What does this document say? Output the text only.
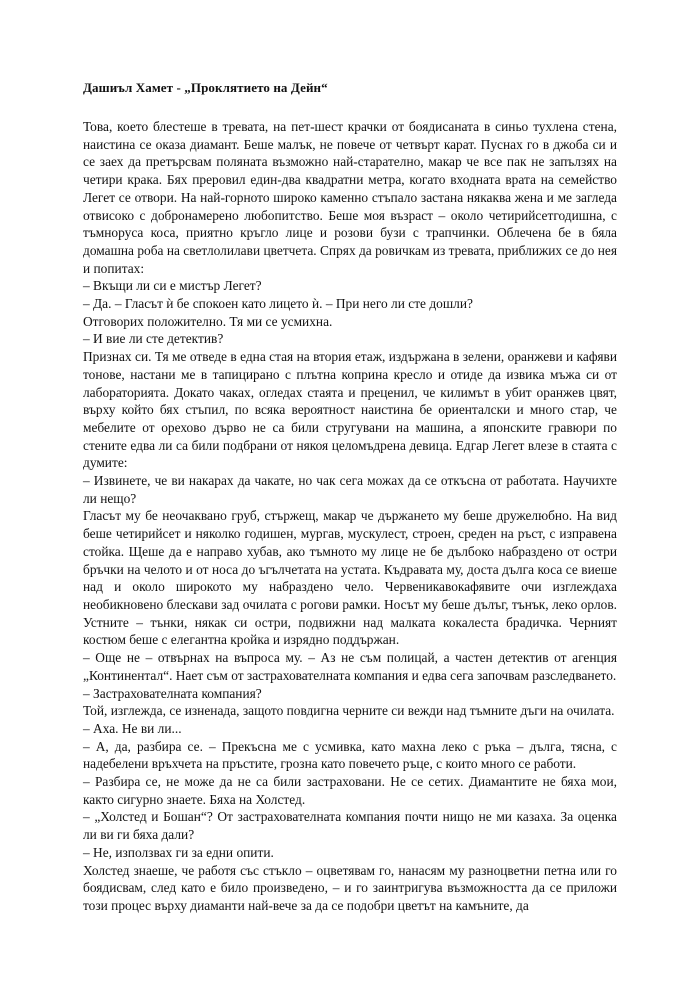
Дашиъл Хамет - „Проклятието на Дейн“

Това, което блестеше в тревата, на пет-шест крачки от боядисаната в синьо тухлена стена, наистина се оказа диамант. Беше малък, не повече от четвърт карат. Пуснах го в джоба си и се заех да претърсвам поляната възможно най-старателно, макар че все пак не запълзях на четири крака. Бях преровил един-два квадратни метра, когато входната врата на семейство Легет се отвори. На най-горното широко каменно стъпало застана някаква жена и ме загледа отвисоко с добронамерено любопитство. Беше моя възраст – около четирийсетгодишна, с тъмноруса коса, приятно кръгло лице и розови бузи с трапчинки. Облечена бе в бяла домашна роба на светлолилави цветчета. Спрях да ровичкам из тревата, приближих се до нея и попитах:

– Вкъщи ли си е мистър Легет?

– Да. – Гласът ѝ бе спокоен като лицето ѝ. – При него ли сте дошли?

Отговорих положително. Тя ми се усмихна.

– И вие ли сте детектив?

Признах си. Тя ме отведе в една стая на втория етаж, издържана в зелени, оранжеви и кафяви тонове, настани ме в тапицирано с плътна коприна кресло и отиде да извика мъжа си от лабораторията. Докато чаках, огледах стаята и преценил, че килимът в убит оранжев цвят, върху който бях стъпил, по всяка вероятност наистина бе ориенталски и много стар, че мебелите от орехово дърво не са били стругувани на машина, а японските гравюри по стените едва ли са били подбрани от някоя целомъдрена девица. Едгар Легет влезе в стаята с думите:

– Извинете, че ви накарах да чакате, но чак сега можах да се откъсна от работата. Научихте ли нещо?

Гласът му бе неочаквано груб, стържещ, макар че държането му беше дружелюбно. На вид беше четирийсет и няколко годишен, мургав, мускулест, строен, среден на ръст, с изправена стойка. Щеше да е направо хубав, ако тъмното му лице не бе дълбоко набраздено от остри бръчки на челото и от носа до ъгълчетата на устата. Къдравата му, доста дълга коса се виеше над и около широкото му набраздено чело. Червеникавокафявите очи изглеждаха необикновено блескави зад очилата с рогови рамки. Носът му беше дълъг, тънък, леко орлов. Устните – тънки, някак си остри, подвижни над малката кокалеста брадичка. Черният костюм беше с елегантна кройка и изрядно поддържан.

– Още не – отвърнах на въпроса му. – Аз не съм полицай, а частен детектив от агенция „Континентал“. Нает съм от застрахователната компания и едва сега започвам разследването.

– Застрахователната компания?

Той, изглежда, се изненада, защото повдигна черните си вежди над тъмните дъги на очилата.

– Аха. Не ви ли...

– А, да, разбира се. – Прекъсна ме с усмивка, като махна леко с ръка – дълга, тясна, с надебелени връхчета на пръстите, грозна като повечето ръце, с които много се работи.

– Разбира се, не може да не са били застраховани. Не се сетих. Диамантите не бяха мои, както сигурно знаете. Бяха на Холстед.

– „Холстед и Бошан“? От застрахователната компания почти нищо не ми казаха. За оценка ли ви ги бяха дали?

– Не, използвах ги за едни опити.

Холстед знаеше, че работя със стъкло – оцветявам го, нанасям му разноцветни петна или го боядисвам, след като е било произведено, – и го заинтригува възможността да се приложи този процес върху диаманти най-вече за да се подобри цветът на камъните, да
